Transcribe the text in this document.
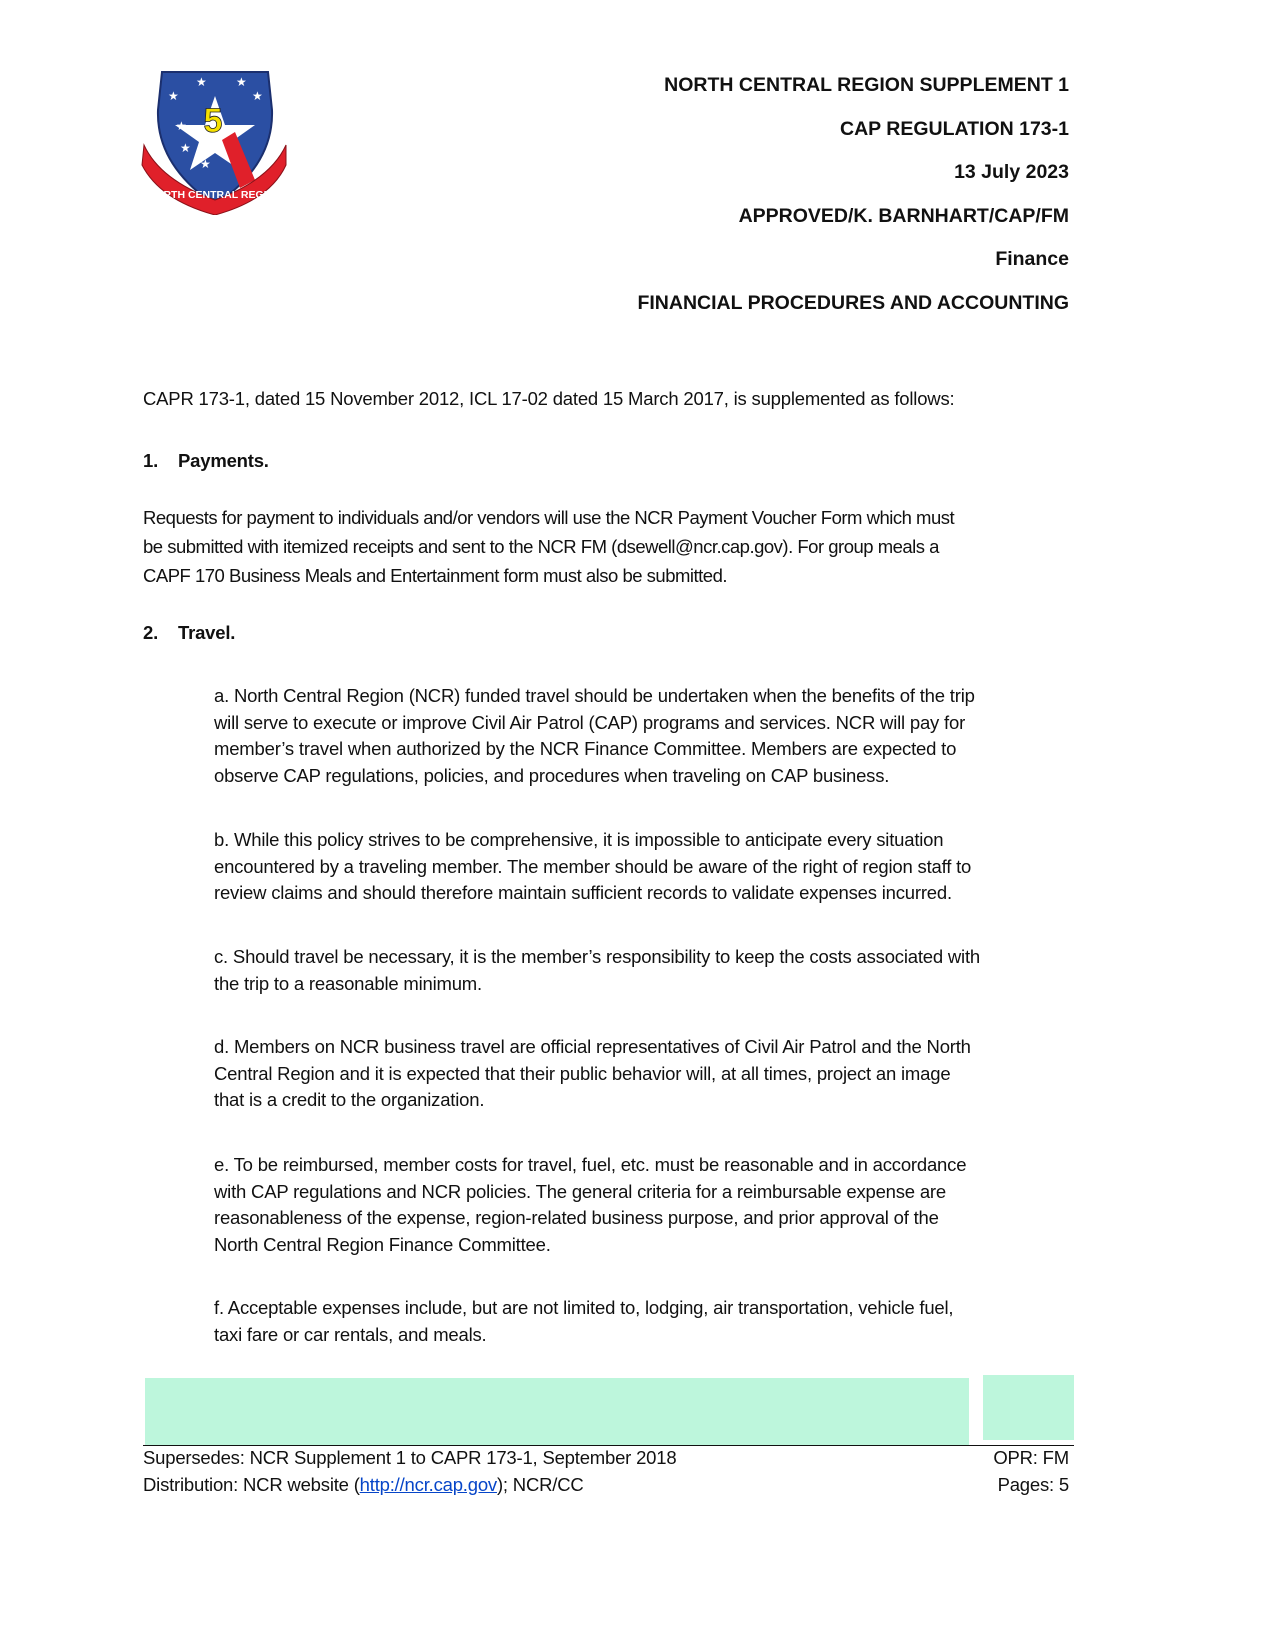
5
★
★ ★
★
★
★
★
NORTH CENTRAL REGION
NORTH CENTRAL REGION SUPPLEMENT 1
CAP REGULATION 173-1
13 July 2023
APPROVED/K. BARNHART/CAP/FM
Finance
FINANCIAL PROCEDURES AND ACCOUNTING
CAPR 173-1, dated 15 November 2012, ICL 17-02 dated 15 March 2017, is supplemented as follows:
1. Payments.
Requests for payment to individuals and/or vendors will use the NCR Payment Voucher Form which must
be submitted with itemized receipts and sent to the NCR FM (dsewell@ncr.cap.gov). For group meals a
CAPF 170 Business Meals and Entertainment form must also be submitted.
2. Travel.
a. North Central Region (NCR) funded travel should be undertaken when the benefits of the trip
will serve to execute or improve Civil Air Patrol (CAP) programs and services. NCR will pay for
member’s travel when authorized by the NCR Finance Committee. Members are expected to
observe CAP regulations, policies, and procedures when traveling on CAP business.
b. While this policy strives to be comprehensive, it is impossible to anticipate every situation
encountered by a traveling member. The member should be aware of the right of region staff to
review claims and should therefore maintain sufficient records to validate expenses incurred.
c. Should travel be necessary, it is the member’s responsibility to keep the costs associated with
the trip to a reasonable minimum.
d. Members on NCR business travel are official representatives of Civil Air Patrol and the North
Central Region and it is expected that their public behavior will, at all times, project an image
that is a credit to the organization.
e. To be reimbursed, member costs for travel, fuel, etc. must be reasonable and in accordance
with CAP regulations and NCR policies. The general criteria for a reimbursable expense are
reasonableness of the expense, region-related business purpose, and prior approval of the
North Central Region Finance Committee.
f. Acceptable expenses include, but are not limited to, lodging, air transportation, vehicle fuel,
taxi fare or car rentals, and meals.
Supersedes: NCR Supplement 1 to CAPR 173-1, September 2018
Distribution: NCR website (http://ncr.cap.gov); NCR/CC
OPR: FM
Pages: 5
